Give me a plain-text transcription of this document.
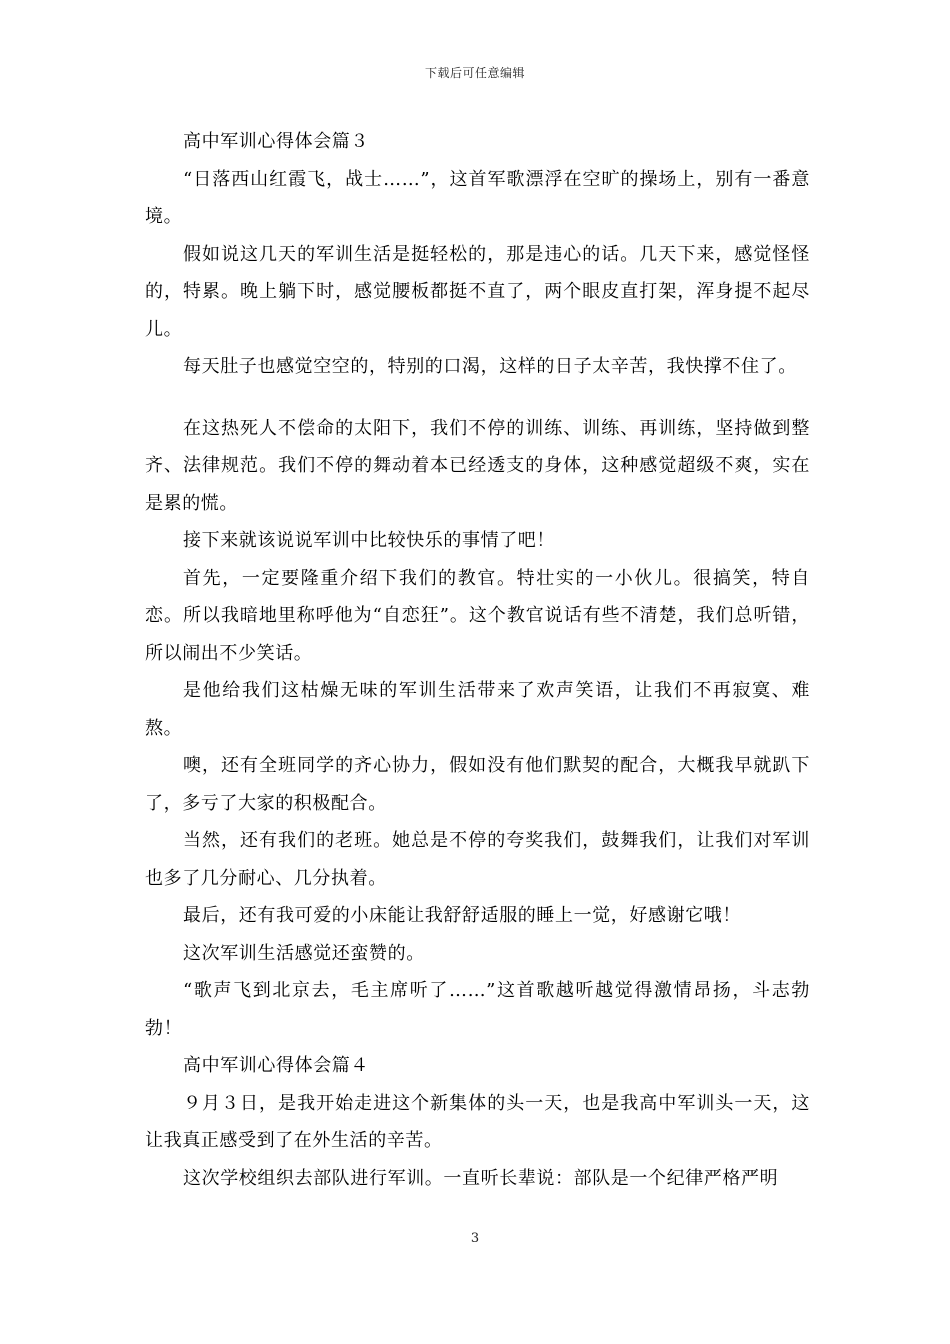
下载后可任意编辑

高中军训心得体会篇３

“日落西山红霞飞，战士……”，这首军歌漂浮在空旷的操场上，别有一番意境。

假如说这几天的军训生活是挺轻松的，那是违心的话。几天下来，感觉怪怪的，特累。晚上躺下时，感觉腰板都挺不直了，两个眼皮直打架，浑身提不起尽儿。

每天肚子也感觉空空的，特别的口渴，这样的日子太辛苦，我快撑不住了。

在这热死人不偿命的太阳下，我们不停的训练、训练、再训练，坚持做到整齐、法律规范。我们不停的舞动着本已经透支的身体，这种感觉超级不爽，实在是累的慌。

接下来就该说说军训中比较快乐的事情了吧！

首先，一定要隆重介绍下我们的教官。特壮实的一小伙儿。很搞笑，特自恋。所以我暗地里称呼他为“自恋狂”。这个教官说话有些不清楚，我们总听错，所以闹出不少笑话。

是他给我们这枯燥无味的军训生活带来了欢声笑语，让我们不再寂寞、难熬。

噢，还有全班同学的齐心协力，假如没有他们默契的配合，大概我早就趴下了，多亏了大家的积极配合。

当然，还有我们的老班。她总是不停的夸奖我们，鼓舞我们，让我们对军训也多了几分耐心、几分执着。

最后，还有我可爱的小床能让我舒舒适服的睡上一觉，好感谢它哦！

这次军训生活感觉还蛮赞的。

“歌声飞到北京去，毛主席听了……”这首歌越听越觉得激情昂扬，斗志勃勃！

高中军训心得体会篇４

９月３日，是我开始走进这个新集体的头一天，也是我高中军训头一天，这让我真正感受到了在外生活的辛苦。

这次学校组织去部队进行军训。一直听长辈说：部队是一个纪律严格严明

3
